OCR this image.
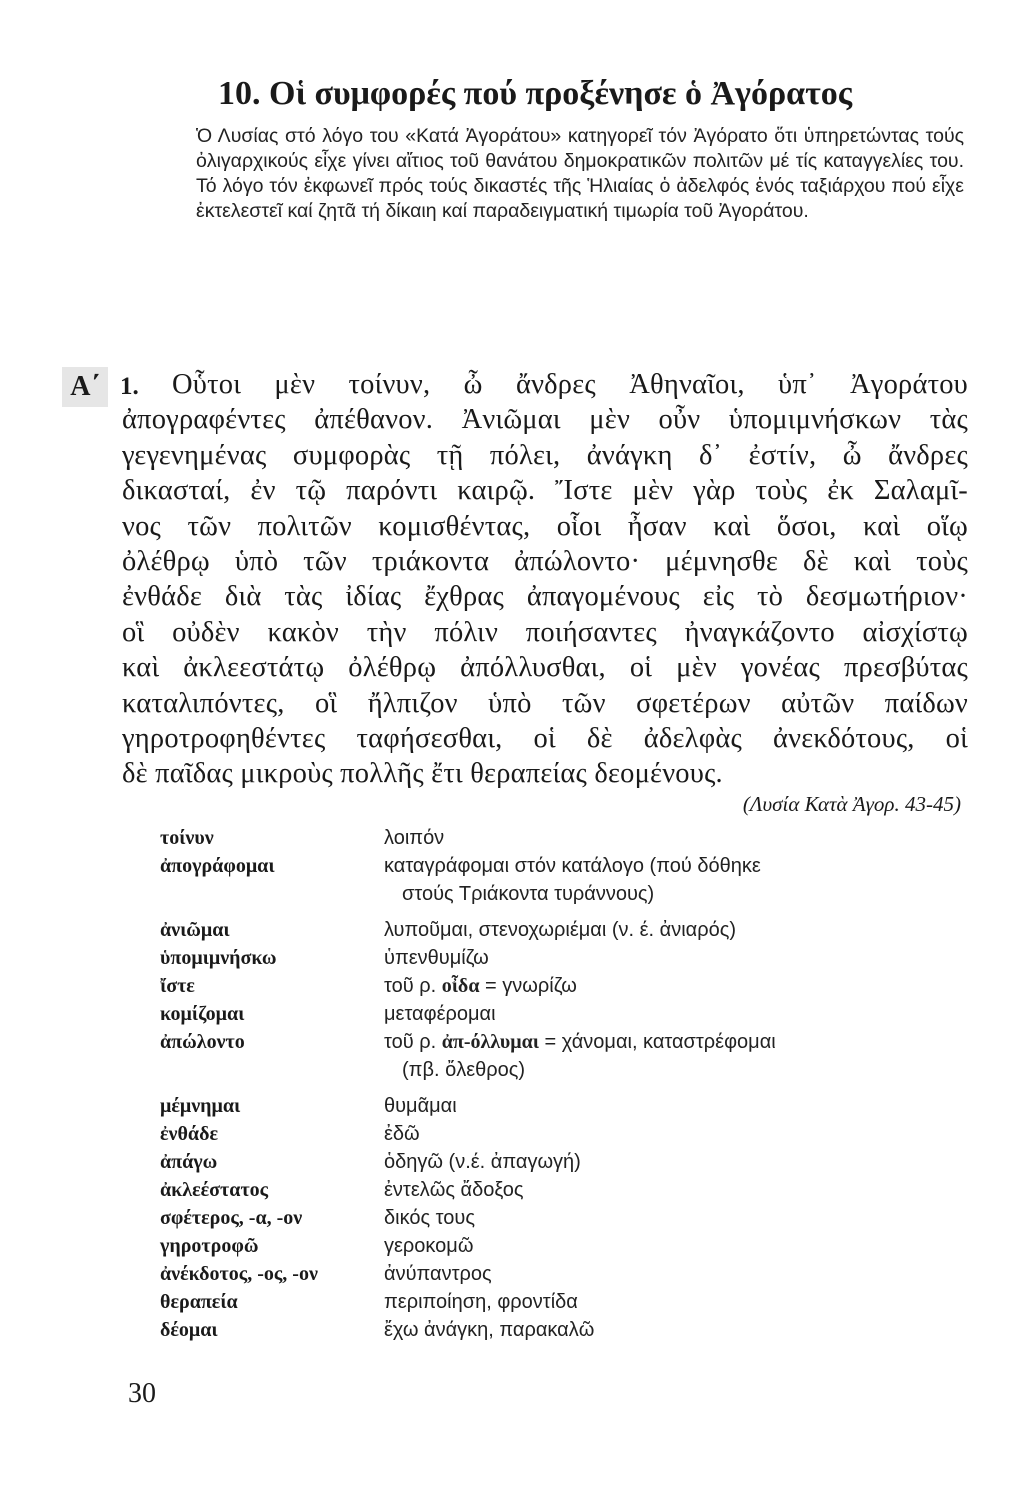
10. Οἱ συμφορές πού προξένησε ὁ Ἀγόρατος

Ὁ Λυσίας στό λόγο του «Κατά Ἀγοράτου» κατηγορεῖ τόν Ἀγόρατο ὅτι ὑπηρετώντας τούς ὀλιγαρχικούς εἶχε γίνει αἴτιος τοῦ θανάτου δημοκρατικῶν πολιτῶν μέ τίς καταγγελίες του. Τό λόγο τόν ἐκφωνεῖ πρός τούς δικαστές τῆς Ἡλιαίας ὁ ἀδελφός ἑνός ταξιάρχου πού εἶχε ἐκτελεστεῖ καί ζητᾶ τή δίκαιη καί παραδειγματική τιμωρία τοῦ Ἀγοράτου.

Α΄ 1.	Οὗτοι μὲν τοίνυν, ὦ ἄνδρες Ἀθηναῖοι, ὑπ᾿ Ἀγοράτου
ἀπογραφέντες ἀπέθανον. Ἀνιῶμαι μὲν οὖν ὑπομιμνήσκων τὰς
γεγενημένας συμφορὰς τῇ πόλει, ἀνάγκη δ᾿ ἐστίν, ὦ ἄνδρες
δικασταί, ἐν τῷ παρόντι καιρῷ. Ἴστε μὲν γὰρ τοὺς ἐκ Σαλαμῖ-
νος τῶν πολιτῶν κομισθέντας, οἷοι ἦσαν καὶ ὅσοι, καὶ οἵῳ
ὀλέθρῳ ὑπὸ τῶν τριάκοντα ἀπώλοντο· μέμνησθε δὲ καὶ τοὺς
ἐνθάδε διὰ τὰς ἰδίας ἔχθρας ἀπαγομένους εἰς τὸ δεσμωτήριον·
οἳ οὐδὲν κακὸν τὴν πόλιν ποιήσαντες ἠναγκάζοντο αἰσχίστῳ
καὶ ἀκλεεστάτῳ ὀλέθρῳ ἀπόλλυσθαι, οἱ μὲν γονέας πρεσβύτας
καταλιπόντες, οἳ ἤλπιζον ὑπὸ τῶν σφετέρων αὐτῶν παίδων
γηροτροφηθέντες ταφήσεσθαι, οἱ δὲ ἀδελφὰς ἀνεκδότους, οἱ
δὲ παῖδας μικροὺς πολλῆς ἔτι θεραπείας δεομένους.
(Λυσία Κατὰ Ἀγορ. 43-45)
τοίνυν	λοιπόν
ἀπογράφομαι	καταγράφομαι στόν κατάλογο (πού δόθηκε
στούς Τριάκοντα τυράννους)
ἀνιῶμαι	λυποῦμαι, στενοχωριέμαι (ν. έ. ἀνιαρός)
ὑπομιμνήσκω	ὑπενθυμίζω
ἴστε	τοῦ ρ. οἶδα = γνωρίζω
κομίζομαι	μεταφέρομαι
ἀπώλοντο	τοῦ ρ. ἀπ-όλλυμαι = χάνομαι, καταστρέφομαι
(πβ. ὄλεθρος)
μέμνημαι	θυμᾶμαι
ἐνθάδε	ἐδῶ
ἀπάγω	ὁδηγῶ (ν.έ. ἀπαγωγή)
ἀκλεέστατος	ἐντελῶς ἄδοξος
σφέτερος, -α, -ον	δικός τους
γηροτροφῶ	γεροκομῶ
ἀνέκδοτος, -ος, -ον	ἀνύπαντρος
θεραπεία	περιποίηση, φροντίδα
δέομαι	ἔχω ἀνάγκη, παρακαλῶ
30
